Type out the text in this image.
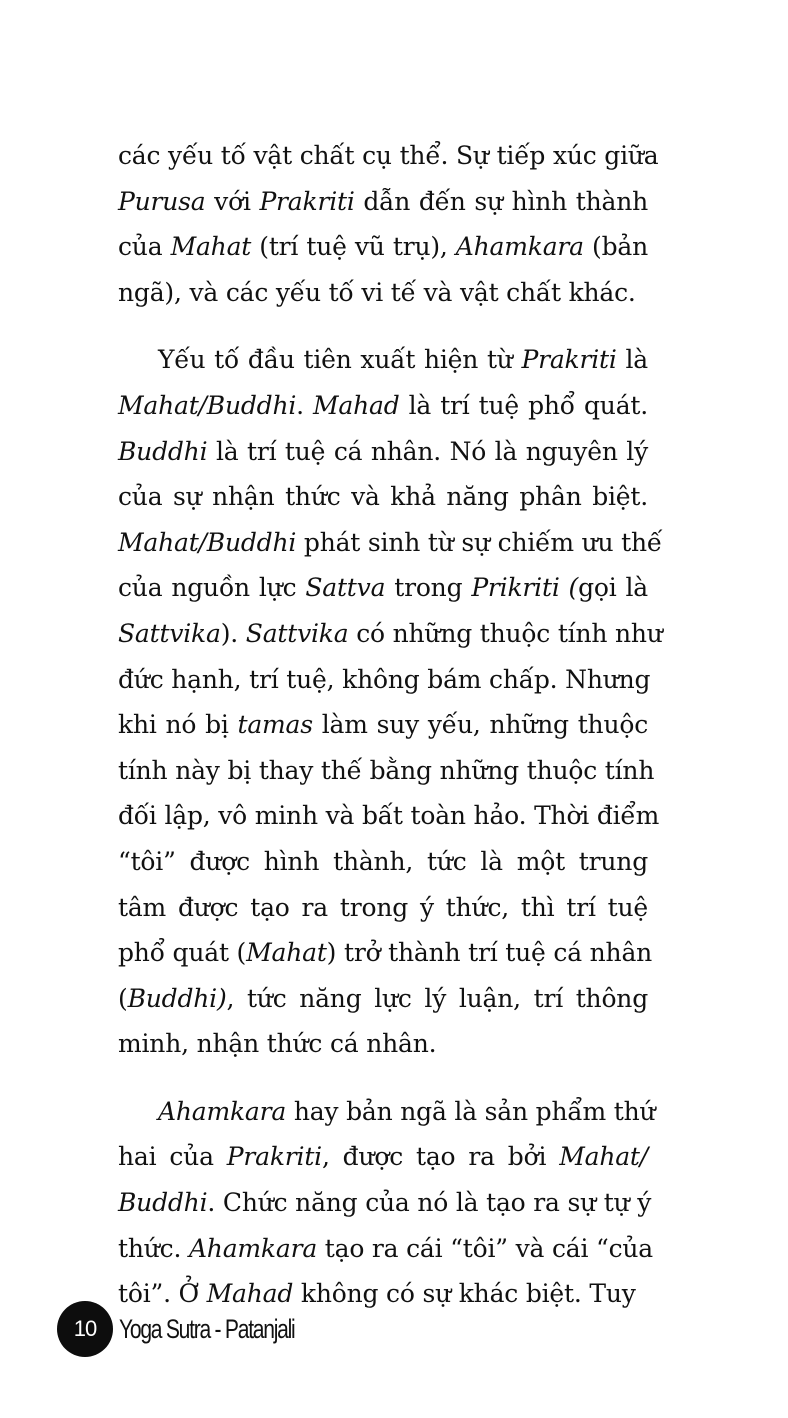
các yếu tố vật chất cụ thể. Sự tiếp xúc giữa
Purusa với Prakriti dẫn đến sự hình thành
của Mahat (trí tuệ vũ trụ), Ahamkara (bản
ngã), và các yếu tố vi tế và vật chất khác.

Yếu tố đầu tiên xuất hiện từ Prakriti là
Mahat/Buddhi. Mahad là trí tuệ phổ quát.
Buddhi là trí tuệ cá nhân. Nó là nguyên lý
của sự nhận thức và khả năng phân biệt.
Mahat/Buddhi phát sinh từ sự chiếm ưu thế
của nguồn lực Sattva trong Prikriti (gọi là
Sattvika). Sattvika có những thuộc tính như
đức hạnh, trí tuệ, không bám chấp. Nhưng
khi nó bị tamas làm suy yếu, những thuộc
tính này bị thay thế bằng những thuộc tính
đối lập, vô minh và bất toàn hảo. Thời điểm
“tôi” được hình thành, tức là một trung
tâm được tạo ra trong ý thức, thì trí tuệ
phổ quát (Mahat) trở thành trí tuệ cá nhân
(Buddhi), tức năng lực lý luận, trí thông
minh, nhận thức cá nhân.

Ahamkara hay bản ngã là sản phẩm thứ
hai của Prakriti, được tạo ra bởi Mahat/
Buddhi. Chức năng của nó là tạo ra sự tự ý
thức. Ahamkara tạo ra cái “tôi” và cái “của
tôi”. Ở Mahad không có sự khác biệt. Tuy

10 Yoga Sutra - Patanjali
